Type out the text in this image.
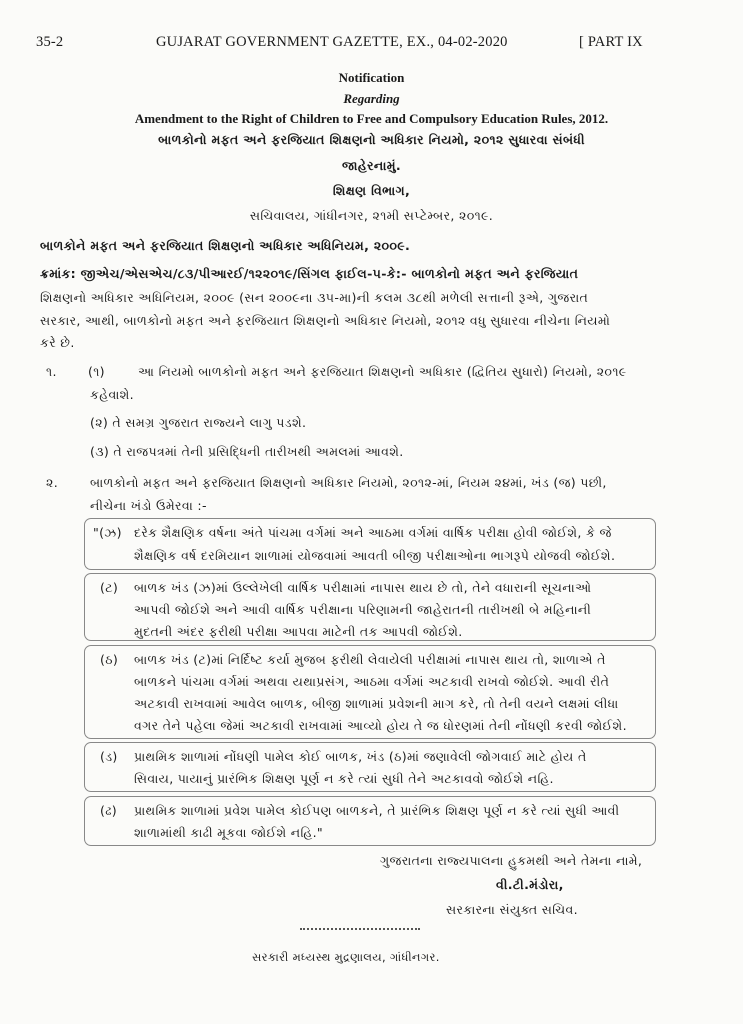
35-2	GUJARAT GOVERNMENT GAZETTE, EX., 04-02-2020	[ PART IX
Notification
Regarding
Amendment to the Right of Children to Free and Compulsory Education Rules, 2012.
બાળકોનો મફત અને ફરજિયાત શિક્ષણનો અધિકાર નિયમો, ૨૦૧૨ સુધારવા સંબંધી
જાહેરનામું.
શિક્ષણ વિભાગ,
સચિવાલય, ગાંધીનગર, ૨૧મી સપ્ટેમ્બર, ૨૦૧૯.
બાળકોને મફત અને ફરજિયાત શિક્ષણનો અધિકાર અધિનિયમ, ૨૦૦૯.
ક્રમાંક: જીએચ/એસએચ/૮૩/પીઆરઈ/૧૨૨૦૧૯/સિંગલ ફાઈલ-૫-કે:- બાળકોનો મફત અને ફરજિયાત
શિક્ષણનો અધિકાર અધિનિયમ, ૨૦૦૯ (સન ૨૦૦૯ના ૩૫-મા)ની કલમ ૩૮થી મળેલી સત્તાની રૂએ, ગુજરાત
સરકાર, આથી, બાળકોનો મફત અને ફરજિયાત શિક્ષણનો અધિકાર નિયમો, ૨૦૧૨ વધુ સુધારવા નીચેના નિયમો
કરે છે.
૧. (૧)	આ નિયમો બાળકોનો મફત અને ફરજિયાત શિક્ષણનો અધિકાર (દ્વિતિય સુધારો) નિયમો, ૨૦૧૯
કહેવાશે.
(૨) તે સમગ્ર ગુજરાત રાજ્યને લાગુ પડશે.
(૩) તે રાજપત્રમાં તેની પ્રસિદ્ધિની તારીખથી અમલમાં આવશે.
૨.	બાળકોનો મફત અને ફરજિયાત શિક્ષણનો અધિકાર નિયમો, ૨૦૧૨-માં, નિયમ ૨૪માં, ખંડ (જ) પછી,
નીચેના ખંડો ઉમેરવા :-
"(ઝ) દરેક શૈક્ષણિક વર્ષના અંતે પાંચમા વર્ગમાં અને આઠમા વર્ગમાં વાર્ષિક પરીક્ષા હોવી જોઈશે, કે જે
શૈક્ષણિક વર્ષ દરમિયાન શાળામાં યોજવામાં આવતી બીજી પરીક્ષાઓના ભાગરૂપે યોજવી જોઈશે.
(ટ) બાળક ખંડ (ઝ)માં ઉલ્લેખેલી વાર્ષિક પરીક્ષામાં નાપાસ થાય છે તો, તેને વધારાની સૂચનાઓ
આપવી જોઈશે અને આવી વાર્ષિક પરીક્ષાના પરિણામની જાહેરાતની તારીખથી બે મહિનાની
મુદતની અંદર ફરીથી પરીક્ષા આપવા માટેની તક આપવી જોઈશે.
(ઠ) બાળક ખંડ (ટ)માં નિર્દિષ્ટ કર્યા મુજબ ફરીથી લેવાયેલી પરીક્ષામાં નાપાસ થાય તો, શાળાએ તે
બાળકને પાંચમા વર્ગમાં અથવા યથાપ્રસંગ, આઠમા વર્ગમાં અટકાવી રાખવો જોઈશે. આવી રીતે
અટકાવી રાખવામાં આવેલ બાળક, બીજી શાળામાં પ્રવેશની માગ કરે, તો તેની વયને લક્ષમાં લીધા
વગર તેને પહેલા જેમાં અટકાવી રાખવામાં આવ્યો હોય તે જ ધોરણમાં તેની નોંધણી કરવી જોઈશે.
(ડ) પ્રાથમિક શાળામાં નોંધણી પામેલ કોઈ બાળક, ખંડ (ઠ)માં જણાવેલી જોગવાઈ માટે હોય તે
સિવાય, પાયાનું પ્રારંભિક શિક્ષણ પૂર્ણ ન કરે ત્યાં સુધી તેને અટકાવવો જોઈશે નહિ.
(ઢ) પ્રાથમિક શાળામાં પ્રવેશ પામેલ કોઈપણ બાળકને, તે પ્રારંભિક શિક્ષણ પૂર્ણ ન કરે ત્યાં સુધી આવી
શાળામાંથી કાઢી મૂકવા જોઈશે નહિ."
ગુજરાતના રાજ્યપાલના હુકમથી અને તેમના નામે,
વી.ટી.મંડોરા,
સરકારના સંયુક્ત સચિવ.
સરકારી મધ્યસ્થ મુદ્રણાલય, ગાંધીનગર.
